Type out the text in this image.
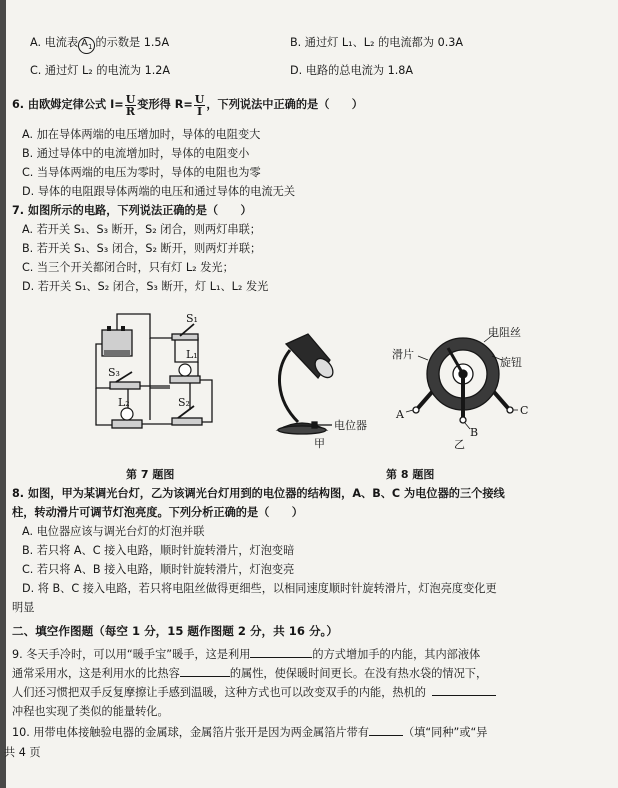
A. 电流表 $A_1$ 的示数是 1.5A	B. 通过灯 L₁、L₂ 的电流都为 0.3A
C. 通过灯 L₂ 的电流为 1.2A	D. 电路的总电流为 1.8A
6. 由欧姆定律公式 $I= \frac{U}{R}$ 变形得 $R= \frac{U}{I}$ ，下列说法中正确的是（　　）
A. 加在导体两端的电压增加时，导体的电阻变大
B. 通过导体中的电流增加时，导体的电阻变小
C. 当导体两端的电压为零时，导体的电阻也为零
D. 导体的电阻跟导体两端的电压和通过导体的电流无关
7. 如图所示的电路，下列说法正确的是（　　）
A. 若开关 S₁、S₃ 断开，S₂ 闭合，则两灯串联；
B. 若开关 S₁、S₃ 闭合，S₂ 断开，则两灯并联；
C. 当三个开关都闭合时，只有灯 L₂ 发光；
D. 若开关 S₁、S₂ 闭合，S₃ 断开，灯 L₁、L₂ 发光
S₁
L₁
S₃
L₂	S₂
第 7 题图
电位器
甲
滑片
电阻丝
旋钮
A
B
C
乙
第 8 题图
8. 如图，甲为某调光台灯，乙为该调光台灯用到的电位器的结构图，A、B、C 为电位器的三个接线
柱，转动滑片可调节灯泡亮度。下列分析正确的是（　　）
A. 电位器应该与调光台灯的灯泡并联
B. 若只将 A、C 接入电路，顺时针旋转滑片，灯泡变暗
C. 若只将 A、B 接入电路，顺时针旋转滑片，灯泡变亮
D. 将 B、C 接入电路，若只将电阻丝做得更细些，以相同速度顺时针旋转滑片，灯泡亮度变化更
明显
二、填空作图题（每空 1 分，15 题作图题 2 分，共 16 分。）
9. 冬天手冷时，可以用“暖手宝”暖手，这是利用	的方式增加手的内能，其内部液体
通常采用水，这是利用水的比热容	的属性，使保暖时间更长。在没有热水袋的情况下，
人们还习惯把双手反复摩擦让手感到温暖，这种方式也可以改变双手的内能，热机的
冲程也实现了类似的能量转化。
10. 用带电体接触验电器的金属球，金属箔片张开是因为两金属箔片带有	（填“同种”或“异
共 4 页
